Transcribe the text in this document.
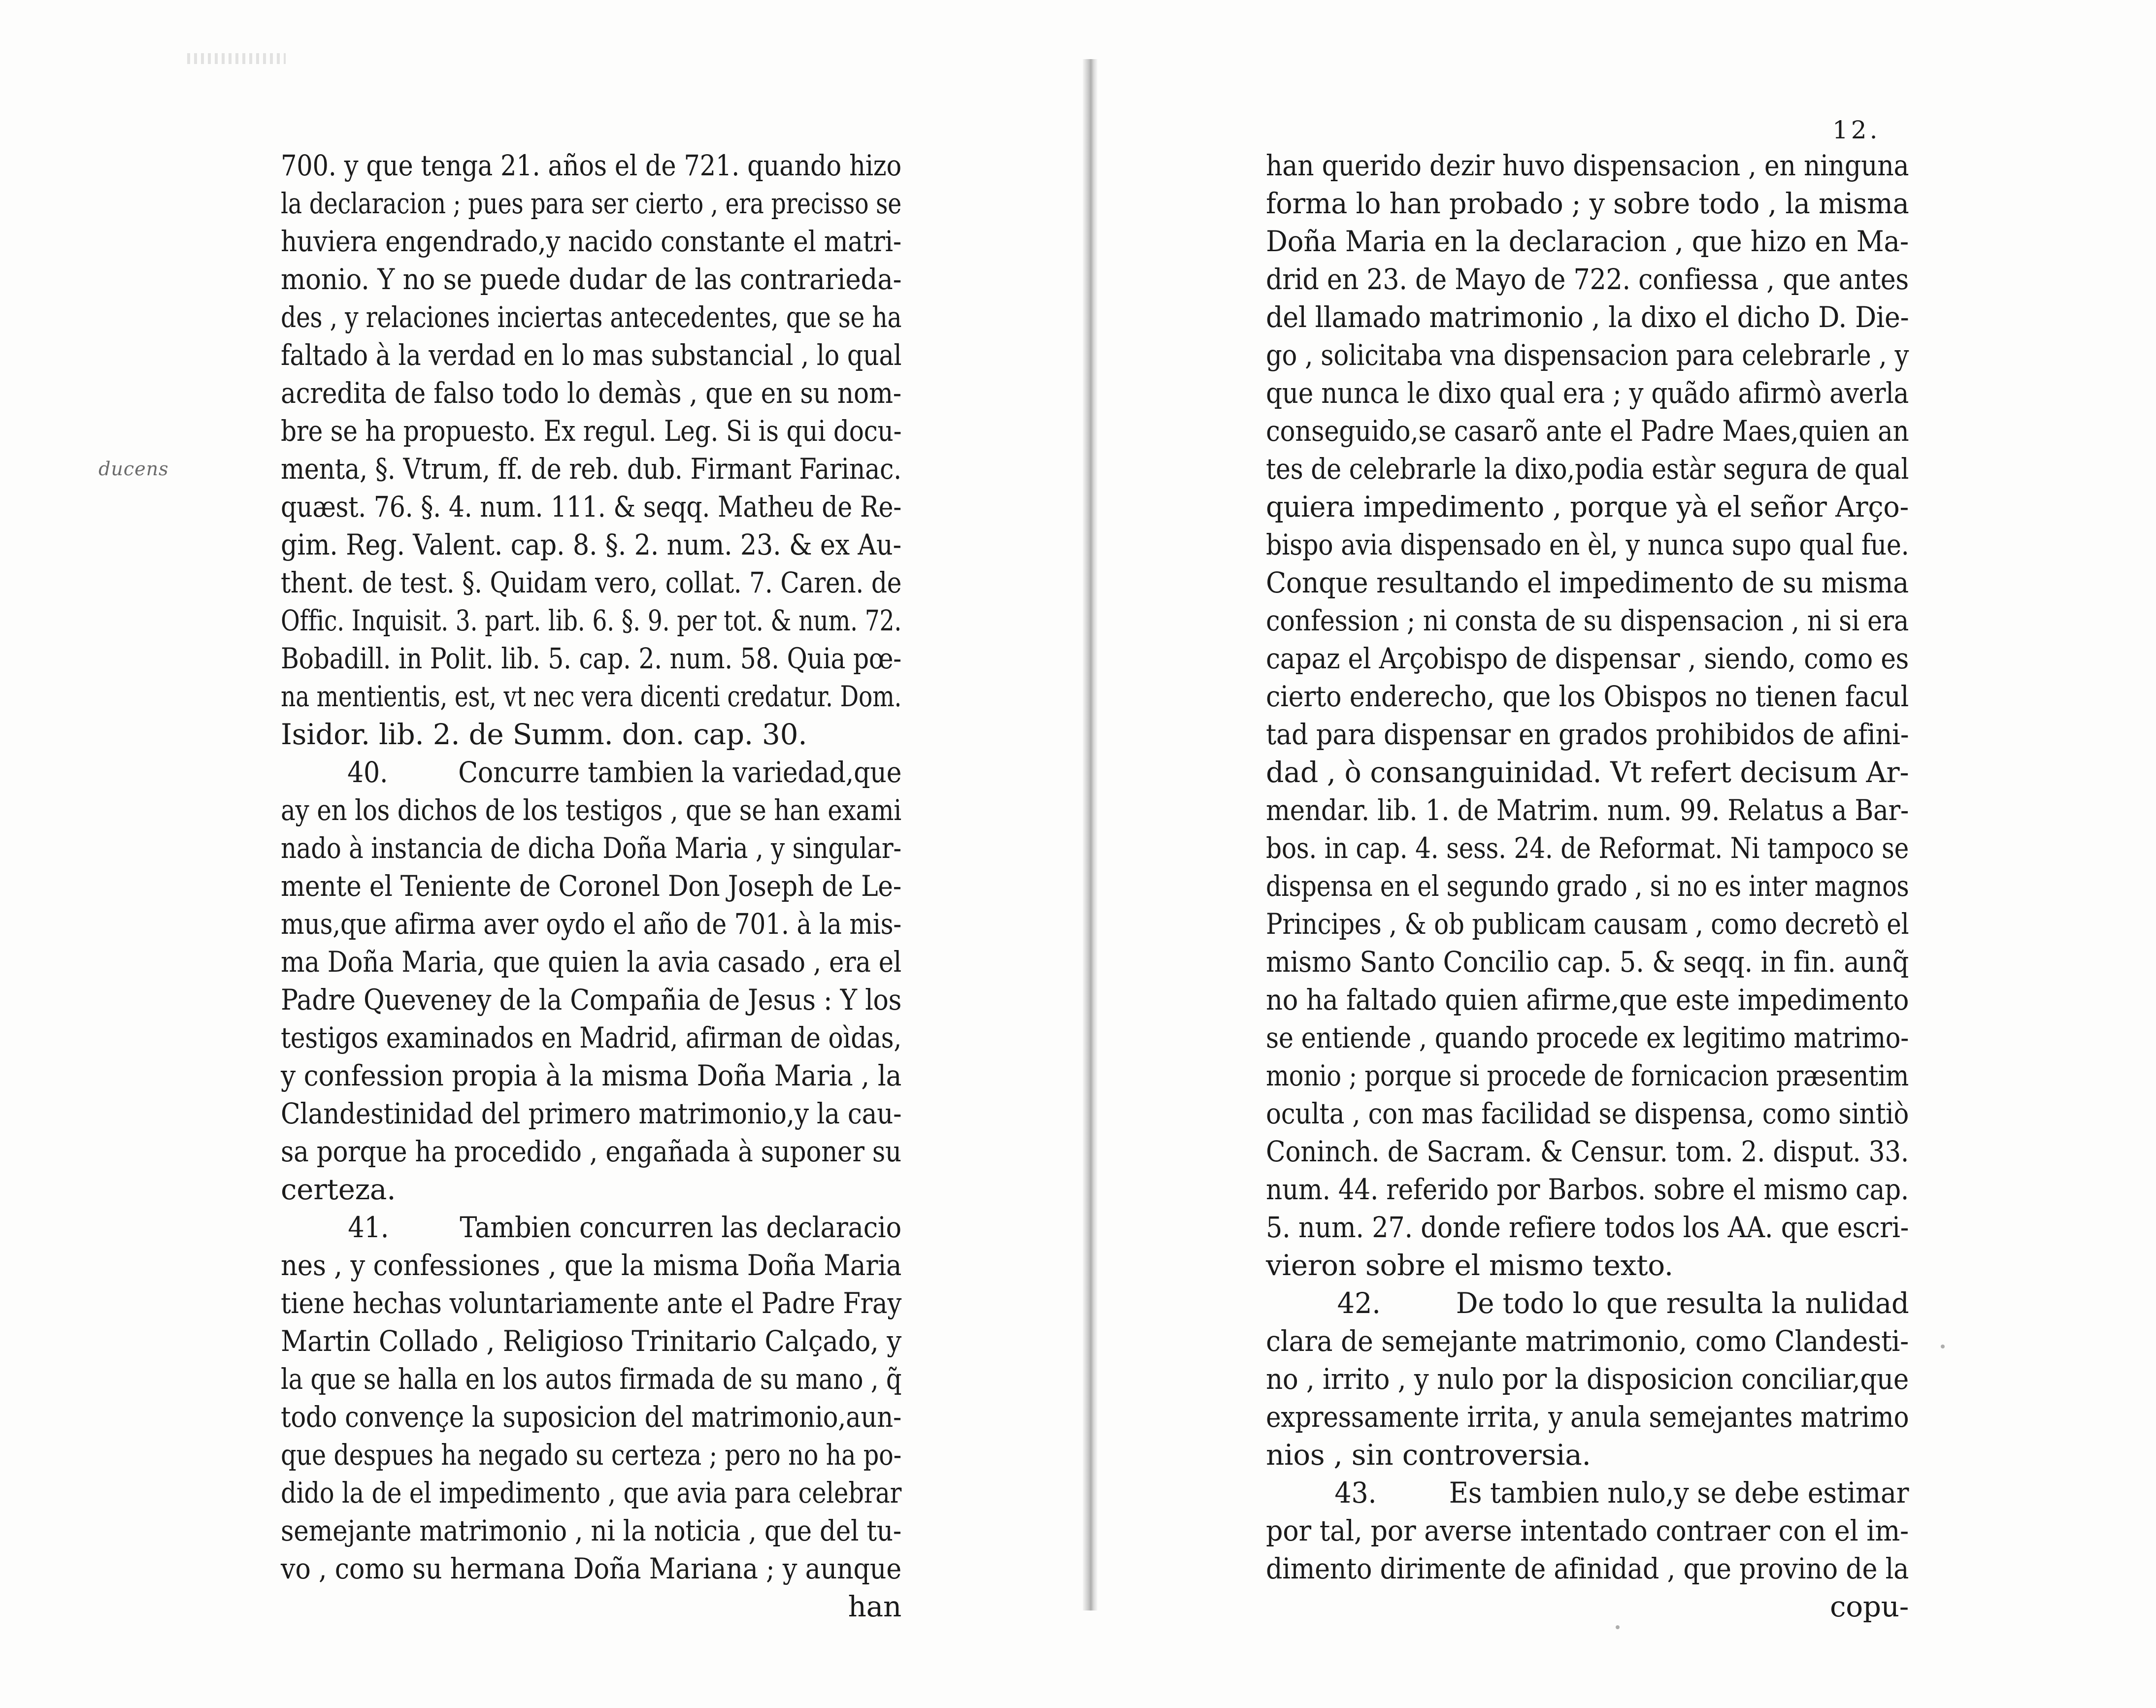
ducens
700. y que tenga 21. años el de 721. quando hizo
la declaracion ; pues para ser cierto , era precisso se
huviera engendrado,y nacido constante el matri-
monio. Y no se puede dudar de las contrarieda-
des , y relaciones inciertas antecedentes, que se ha
faltado à la verdad en lo mas substancial , lo qual
acredita de falso todo lo demàs , que en su nom-
bre se ha propuesto. Ex regul. Leg. Si is qui docu-
menta, §. Vtrum, ff. de reb. dub. Firmant Farinac.
quæst. 76. §. 4. num. 111. & seqq. Matheu de Re-
gim. Reg. Valent. cap. 8. §. 2. num. 23. & ex Au-
thent. de test. §. Quidam vero, collat. 7. Caren. de
Offic. Inquisit. 3. part. lib. 6. §. 9. per tot. & num. 72.
Bobadill. in Polit. lib. 5. cap. 2. num. 58. Quia pœ-
na mentientis, est, vt nec vera dicenti credatur. Dom.
Isidor. lib. 2. de Summ. don. cap. 30.
40. Concurre tambien la variedad,que
ay en los dichos de los testigos , que se han exami
nado à instancia de dicha Doña Maria , y singular-
mente el Teniente de Coronel Don Joseph de Le-
mus,que afirma aver oydo el año de 701. à la mis-
ma Doña Maria, que quien la avia casado , era el
Padre Queveney de la Compañia de Jesus : Y los
testigos examinados en Madrid, afirman de oìdas,
y confession propia à la misma Doña Maria , la
Clandestinidad del primero matrimonio,y la cau-
sa porque ha procedido , engañada à suponer su
certeza.
41. Tambien concurren las declaracio
nes , y confessiones , que la misma Doña Maria
tiene hechas voluntariamente ante el Padre Fray
Martin Collado , Religioso Trinitario Calçado, y
la que se halla en los autos firmada de su mano , q̃
todo convençe la suposicion del matrimonio,aun-
que despues ha negado su certeza ; pero no ha po-
dido la de el impedimento , que avia para celebrar
semejante matrimonio , ni la noticia , que del tu-
vo , como su hermana Doña Mariana ; y aunque
han
12.
han querido dezir huvo dispensacion , en ninguna
forma lo han probado ; y sobre todo , la misma
Doña Maria en la declaracion , que hizo en Ma-
drid en 23. de Mayo de 722. confiessa , que antes
del llamado matrimonio , la dixo el dicho D. Die-
go , solicitaba vna dispensacion para celebrarle , y
que nunca le dixo qual era ; y quãdo afirmò averla
conseguido,se casarõ ante el Padre Maes,quien an
tes de celebrarle la dixo,podia estàr segura de qual
quiera impedimento , porque yà el señor Arço-
bispo avia dispensado en èl, y nunca supo qual fue.
Conque resultando el impedimento de su misma
confession ; ni consta de su dispensacion , ni si era
capaz el Arçobispo de dispensar , siendo, como es
cierto enderecho, que los Obispos no tienen facul
tad para dispensar en grados prohibidos de afini-
dad , ò consanguinidad. Vt refert decisum Ar-
mendar. lib. 1. de Matrim. num. 99. Relatus a Bar-
bos. in cap. 4. sess. 24. de Reformat. Ni tampoco se
dispensa en el segundo grado , si no es inter magnos
Principes , & ob publicam causam , como decretò el
mismo Santo Concilio cap. 5. & seqq. in fin. aunq̃
no ha faltado quien afirme,que este impedimento
se entiende , quando procede ex legitimo matrimo-
monio ; porque si procede de fornicacion præsentim
oculta , con mas facilidad se dispensa, como sintiò
Coninch. de Sacram. & Censur. tom. 2. disput. 33.
num. 44. referido por Barbos. sobre el mismo cap.
5. num. 27. donde refiere todos los AA. que escri-
vieron sobre el mismo texto.
42.	De todo lo que resulta la nulidad
clara de semejante matrimonio, como Clandesti-
no , irrito , y nulo por la disposicion conciliar,que
expressamente irrita, y anula semejantes matrimo
nios , sin controversia.
43.	Es tambien nulo,y se debe estimar
por tal, por averse intentado contraer con el im-
dimento dirimente de afinidad , que provino de la
copu-
